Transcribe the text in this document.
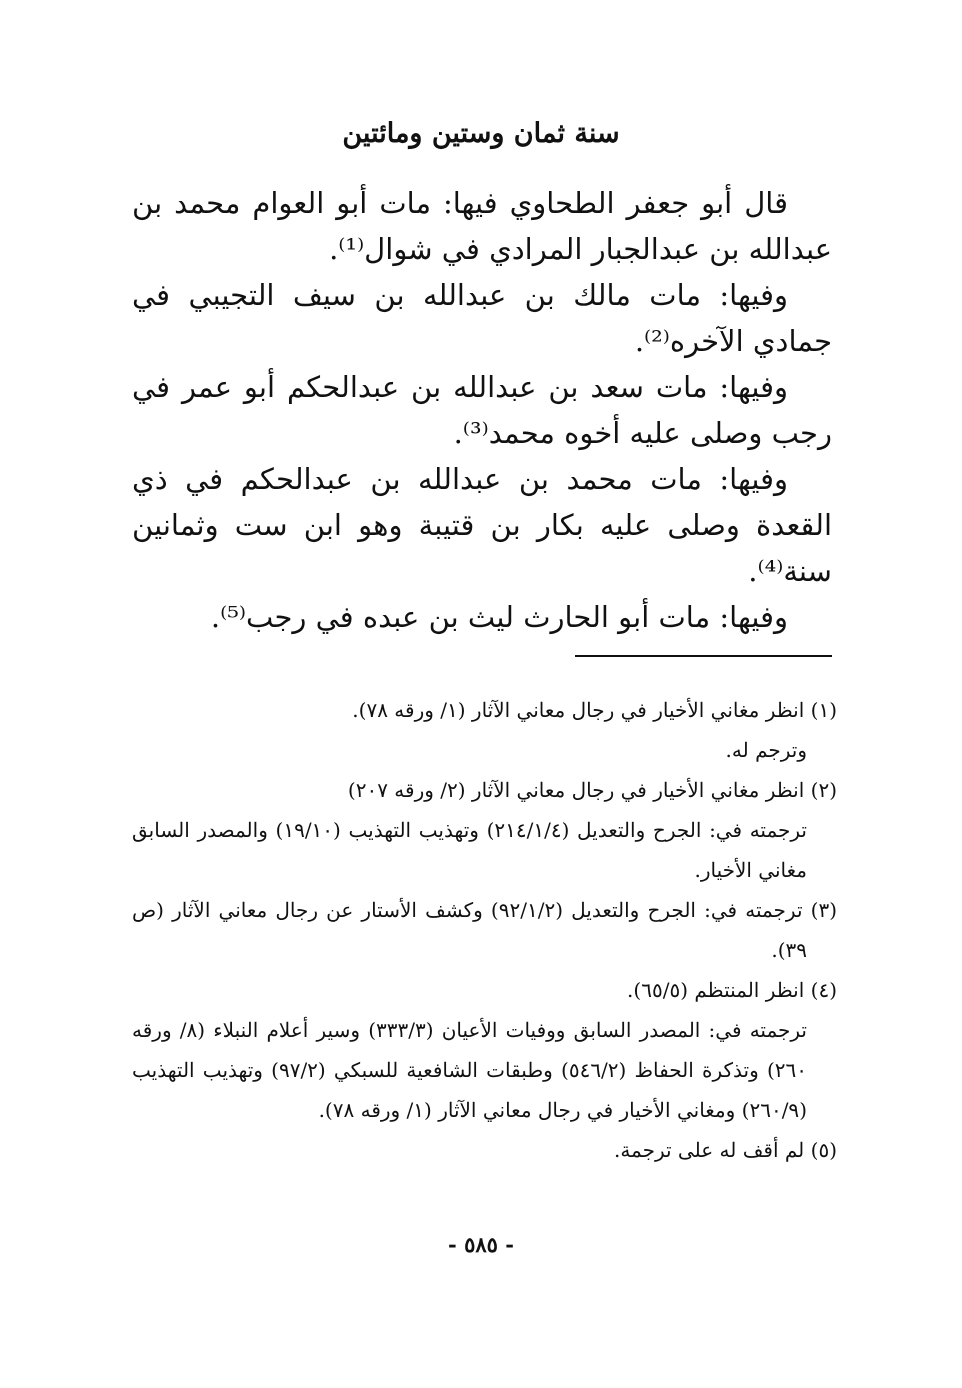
سنة ثمان وستين ومائتين

قال أبو جعفر الطحاوي فيها: مات أبو العوام محمد بن عبدالله بن عبدالجبار المرادي في شوال⁽¹⁾.

وفيها: مات مالك بن عبدالله بن سيف التجيبي في جمادي الآخره⁽²⁾.

وفيها: مات سعد بن عبدالله بن عبدالحكم أبو عمر في رجب وصلى عليه أخوه محمد⁽³⁾.

وفيها: مات محمد بن عبدالله بن عبدالحكم في ذي القعدة وصلى عليه بكار بن قتيبة وهو ابن ست وثمانين سنة⁽⁴⁾.

وفيها: مات أبو الحارث ليث بن عبده في رجب⁽⁵⁾.

(١) انظر مغاني الأخيار في رجال معاني الآثار (١/ ورقه ٧٨).

وترجم له.

(٢) انظر مغاني الأخيار في رجال معاني الآثار (٢/ ورقه ٢٠٧)

ترجمته في: الجرح والتعديل (٢١٤/١/٤) وتهذيب التهذيب (١٩/١٠) والمصدر السابق مغاني الأخيار.

(٣) ترجمته في: الجرح والتعديل (٩٢/١/٢) وكشف الأستار عن رجال معاني الآثار (ص ٣٩).

(٤) انظر المنتظم (٦٥/٥).

ترجمته في: المصدر السابق ووفيات الأعيان (٣٣٣/٣) وسير أعلام النبلاء (٨/ ورقه ٢٦٠) وتذكرة الحفاظ (٥٤٦/٢) وطبقات الشافعية للسبكي (٩٧/٢) وتهذيب التهذيب (٢٦٠/٩) ومغاني الأخيار في رجال معاني الآثار (١/ ورقه ٧٨).

(٥) لم أقف له على ترجمة.

- ٥٨٥ -
